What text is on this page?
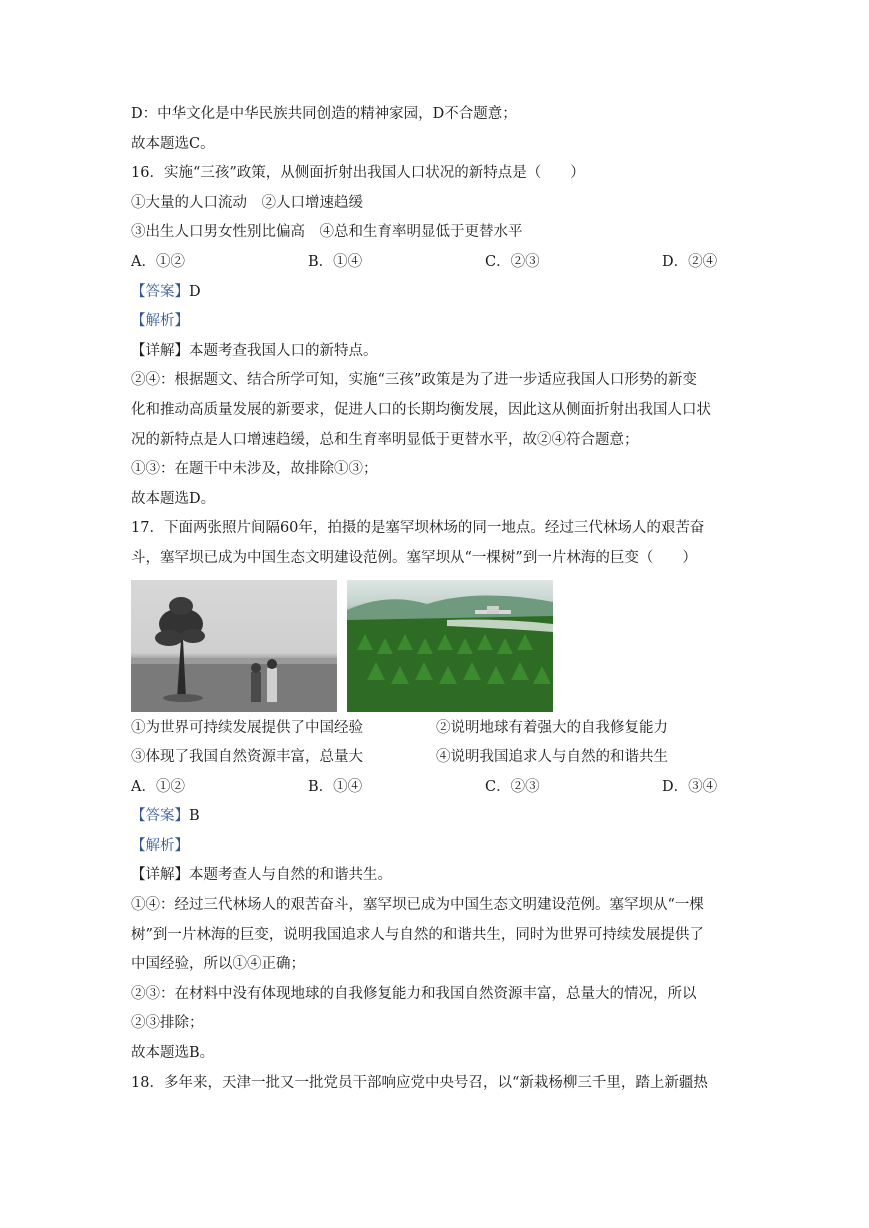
D：中华文化是中华民族共同创造的精神家园，D不合题意；
故本题选C。
16．实施“三孩”政策，从侧面折射出我国人口状况的新特点是（　　）
①大量的人口流动　②人口增速趋缓
③出生人口男女性别比偏高　④总和生育率明显低于更替水平
A．①②	B．①④	C．②③	D．②④
【答案】D
【解析】
【详解】本题考查我国人口的新特点。
②④：根据题文、结合所学可知，实施“三孩”政策是为了进一步适应我国人口形势的新变
化和推动高质量发展的新要求，促进人口的长期均衡发展，因此这从侧面折射出我国人口状
况的新特点是人口增速趋缓，总和生育率明显低于更替水平，故②④符合题意；
①③：在题干中未涉及，故排除①③；
故本题选D。
17．下面两张照片间隔60年，拍摄的是塞罕坝林场的同一地点。经过三代林场人的艰苦奋
斗，塞罕坝已成为中国生态文明建设范例。塞罕坝从“一棵树”到一片林海的巨变（　　）
①为世界可持续发展提供了中国经验	②说明地球有着强大的自我修复能力
③体现了我国自然资源丰富，总量大	④说明我国追求人与自然的和谐共生
A．①②	B．①④	C．②③	D．③④
【答案】B
【解析】
【详解】本题考查人与自然的和谐共生。
①④：经过三代林场人的艰苦奋斗，塞罕坝已成为中国生态文明建设范例。塞罕坝从“一棵
树”到一片林海的巨变，说明我国追求人与自然的和谐共生，同时为世界可持续发展提供了
中国经验，所以①④正确；
②③：在材料中没有体现地球的自我修复能力和我国自然资源丰富，总量大的情况，所以
②③排除；
故本题选B。
18．多年来，天津一批又一批党员干部响应党中央号召，以“新栽杨柳三千里，踏上新疆热
